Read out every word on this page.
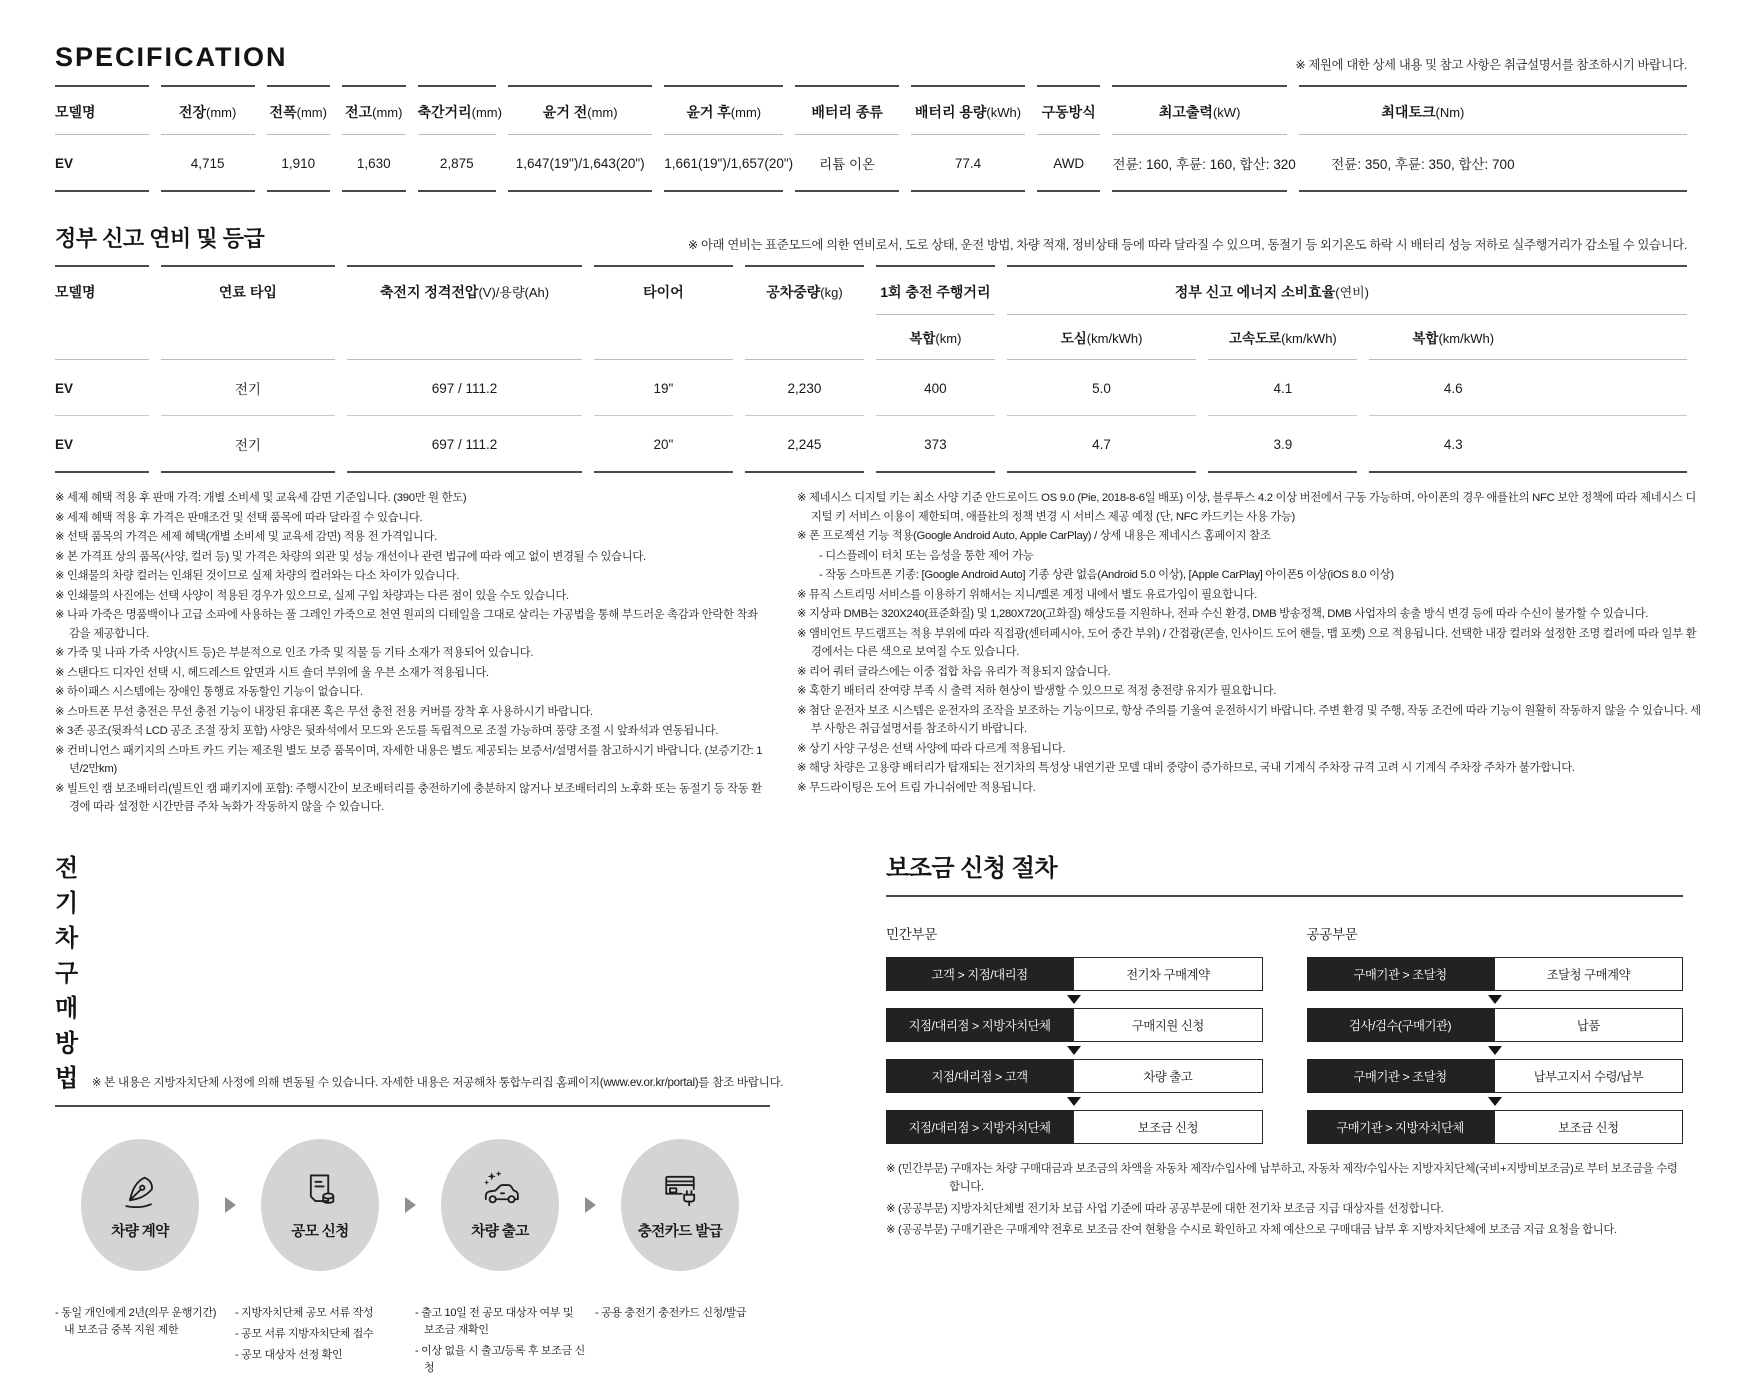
SPECIFICATION	※ 제원에 대한 상세 내용 및 참고 사항은 취급설명서를 참조하시기 바랍니다.
모델명	전장(mm)	전폭(mm)	전고(mm)	축간거리(mm)	윤거 전(mm)	윤거 후(mm)	배터리 종류	배터리 용량(kWh)	구동방식	최고출력(kW)	최대토크(Nm)
EV	4,715	1,910	1,630	2,875	1,647(19")/1,643(20")	1,661(19")/1,657(20")	리튬 이온	77.4	AWD	전륜: 160, 후륜: 160, 합산: 320	전륜: 350, 후륜: 350, 합산: 700
정부 신고 연비 및 등급	※ 아래 연비는 표준모드에 의한 연비로서, 도로 상태, 운전 방법, 차량 적재, 정비상태 등에 따라 달라질 수 있으며, 동절기 등 외기온도 하락 시 배터리 성능 저하로 실주행거리가 감소될 수 있습니다.
모델명	연료 타입	축전지 정격전압(V)/용량(Ah)	타이어	공차중량(kg)	1회 충전 주행거리	정부 신고 에너지 소비효율(연비)		
					복합(km)	도심(km/kWh)	고속도로(km/kWh)	복합(km/kWh)
EV	전기	697 / 111.2	19"	2,230	400	5.0	4.1	4.6
EV	전기	697 / 111.2	20"	2,245	373	4.7	3.9	4.3

※ 세제 혜택 적용 후 판매 가격: 개별 소비세 및 교육세 감면 기준입니다. (390만 원 한도)

※ 세제 혜택 적용 후 가격은 판매조건 및 선택 품목에 따라 달라질 수 있습니다.

※ 선택 품목의 가격은 세제 혜택(개별 소비세 및 교육세 감면) 적용 전 가격입니다.

※ 본 가격표 상의 품목(사양, 컬러 등) 및 가격은 차량의 외관 및 성능 개선이나 관련 법규에 따라 예고 없이 변경될 수 있습니다.

※ 인쇄물의 차량 컬러는 인쇄된 것이므로 실제 차량의 컬러와는 다소 차이가 있습니다.

※ 인쇄물의 사진에는 선택 사양이 적용된 경우가 있으므로, 실제 구입 차량과는 다른 점이 있을 수도 있습니다.

※ 나파 가죽은 명품백이나 고급 소파에 사용하는 풀 그레인 가죽으로 천연 원피의 디테일을 그대로 살리는 가공법을 통해 부드러운 촉감과 안락한 착좌감을 제공합니다.

※ 가죽 및 나파 가죽 사양(시트 등)은 부분적으로 인조 가죽 및 직물 등 기타 소재가 적용되어 있습니다.

※ 스탠다드 디자인 선택 시, 헤드레스트 앞면과 시트 숄더 부위에 울 우븐 소재가 적용됩니다.

※ 하이패스 시스템에는 장애인 통행료 자동할인 기능이 없습니다.

※ 스마트폰 무선 충전은 무선 충전 기능이 내장된 휴대폰 혹은 무선 충전 전용 커버를 장착 후 사용하시기 바랍니다.

※ 3존 공조(뒷좌석 LCD 공조 조절 장치 포함) 사양은 뒷좌석에서 모드와 온도를 독립적으로 조절 가능하며 풍량 조절 시 앞좌석과 연동됩니다.

※ 컨비니언스 패키지의 스마트 카드 키는 제조원 별도 보증 품목이며, 자세한 내용은 별도 제공되는 보증서/설명서를 참고하시기 바랍니다. (보증기간: 1년/2만km)

※ 빌트인 캠 보조배터리(빌트인 캠 패키지에 포함): 주행시간이 보조배터리를 충전하기에 충분하지 않거나 보조배터리의 노후화 또는 동절기 등 작동 환경에 따라 설정한 시간만큼 주차 녹화가 작동하지 않을 수 있습니다.

※ 제네시스 디지털 키는 최소 사양 기준 안드로이드 OS 9.0 (Pie, 2018-8-6일 배포) 이상, 블루투스 4.2 이상 버전에서 구동 가능하며, 아이폰의 경우 애플社의 NFC 보안 정책에 따라 제네시스 디지털 키 서비스 이용이 제한되며, 애플社의 정책 변경 시 서비스 제공 예정 (단, NFC 카드키는 사용 가능)

※ 폰 프로젝션 기능 적용(Google Android Auto, Apple CarPlay) / 상세 내용은 제네시스 홈페이지 참조

- 디스플레이 터치 또는 음성을 통한 제어 가능

- 작동 스마트폰 기종: [Google Android Auto] 기종 상관 없음(Android 5.0 이상), [Apple CarPlay] 아이폰5 이상(iOS 8.0 이상)

※ 뮤직 스트리밍 서비스를 이용하기 위해서는 지니/멜론 계정 내에서 별도 유료가입이 필요합니다.

※ 지상파 DMB는 320X240(표준화질) 및 1,280X720(고화질) 해상도를 지원하나, 전파 수신 환경, DMB 방송정책, DMB 사업자의 송출 방식 변경 등에 따라 수신이 불가할 수 있습니다.

※ 앰비언트 무드램프는 적용 부위에 따라 직접광(센터페시아, 도어 중간 부위) / 간접광(콘솔, 인사이드 도어 핸들, 맵 포켓) 으로 적용됩니다. 선택한 내장 컬러와 설정한 조명 컬러에 따라 일부 환경에서는 다른 색으로 보여질 수도 있습니다.

※ 리어 쿼터 글라스에는 이중 접합 차음 유리가 적용되지 않습니다.

※ 혹한기 배터리 잔여량 부족 시 출력 저하 현상이 발생할 수 있으므로 적정 충전량 유지가 필요합니다.

※ 첨단 운전자 보조 시스템은 운전자의 조작을 보조하는 기능이므로, 항상 주의를 기울여 운전하시기 바랍니다. 주변 환경 및 주행, 작동 조건에 따라 기능이 원활히 작동하지 않을 수 있습니다. 세부 사항은 취급설명서를 참조하시기 바랍니다.

※ 상기 사양 구성은 선택 사양에 따라 다르게 적용됩니다.

※ 해당 차량은 고용량 배터리가 탑재되는 전기차의 특성상 내연기관 모델 대비 중량이 증가하므로, 국내 기계식 주차장 규격 고려 시 기계식 주차장 주차가 불가합니다.

※ 무드라이팅은 도어 트림 가니쉬에만 적용됩니다.

전기차 구매방법 ※ 본 내용은 지방자치단체 사정에 의해 변동될 수 있습니다. 자세한 내용은 저공해차 통합누리집 홈페이지(www.ev.or.kr/portal)를 참조 바랍니다.
차량 계약	공모 신청	차량 출고	충전카드 발급

- 동일 개인에게 2년(의무 운행기간) 내 보조금 중복 지원 제한

- 지방자치단체 공모 서류 작성

- 공모 서류 지방자치단체 접수

- 공모 대상자 선정 확인

- 출고 10일 전 공모 대상자 여부 및 보조금 재확인

- 이상 없을 시 출고/등록 후 보조금 신청

- 공용 충전기 충전카드 신청/발급

보조금 신청 절차
민간부문
고객 > 지점/대리점	전기차 구매계약
지점/대리점 > 지방자치단체	구매지원 신청
지점/대리점 > 고객	차량 출고
지점/대리점 > 지방자치단체	보조금 신청
공공부문
구매기관 > 조달청	조달청 구매계약
검사/검수(구매기관)	납품
구매기관 > 조달청	납부고지서 수령/납부
구매기관 > 지방자치단체	보조금 신청

※ (민간부문) 구매자는 차량 구매대금과 보조금의 차액을 자동차 제작/수입사에 납부하고, 자동차 제작/수입사는 지방자치단체(국비+지방비보조금)로 부터 보조금을 수령합니다.

※ (공공부문) 지방자치단체별 전기차 보급 사업 기준에 따라 공공부문에 대한 전기차 보조금 지급 대상자를 선정합니다.

※ (공공부문) 구매기관은 구매계약 전후로 보조금 잔여 현황을 수시로 확인하고 자체 예산으로 구매대금 납부 후 지방자치단체에 보조금 지급 요청을 합니다.
